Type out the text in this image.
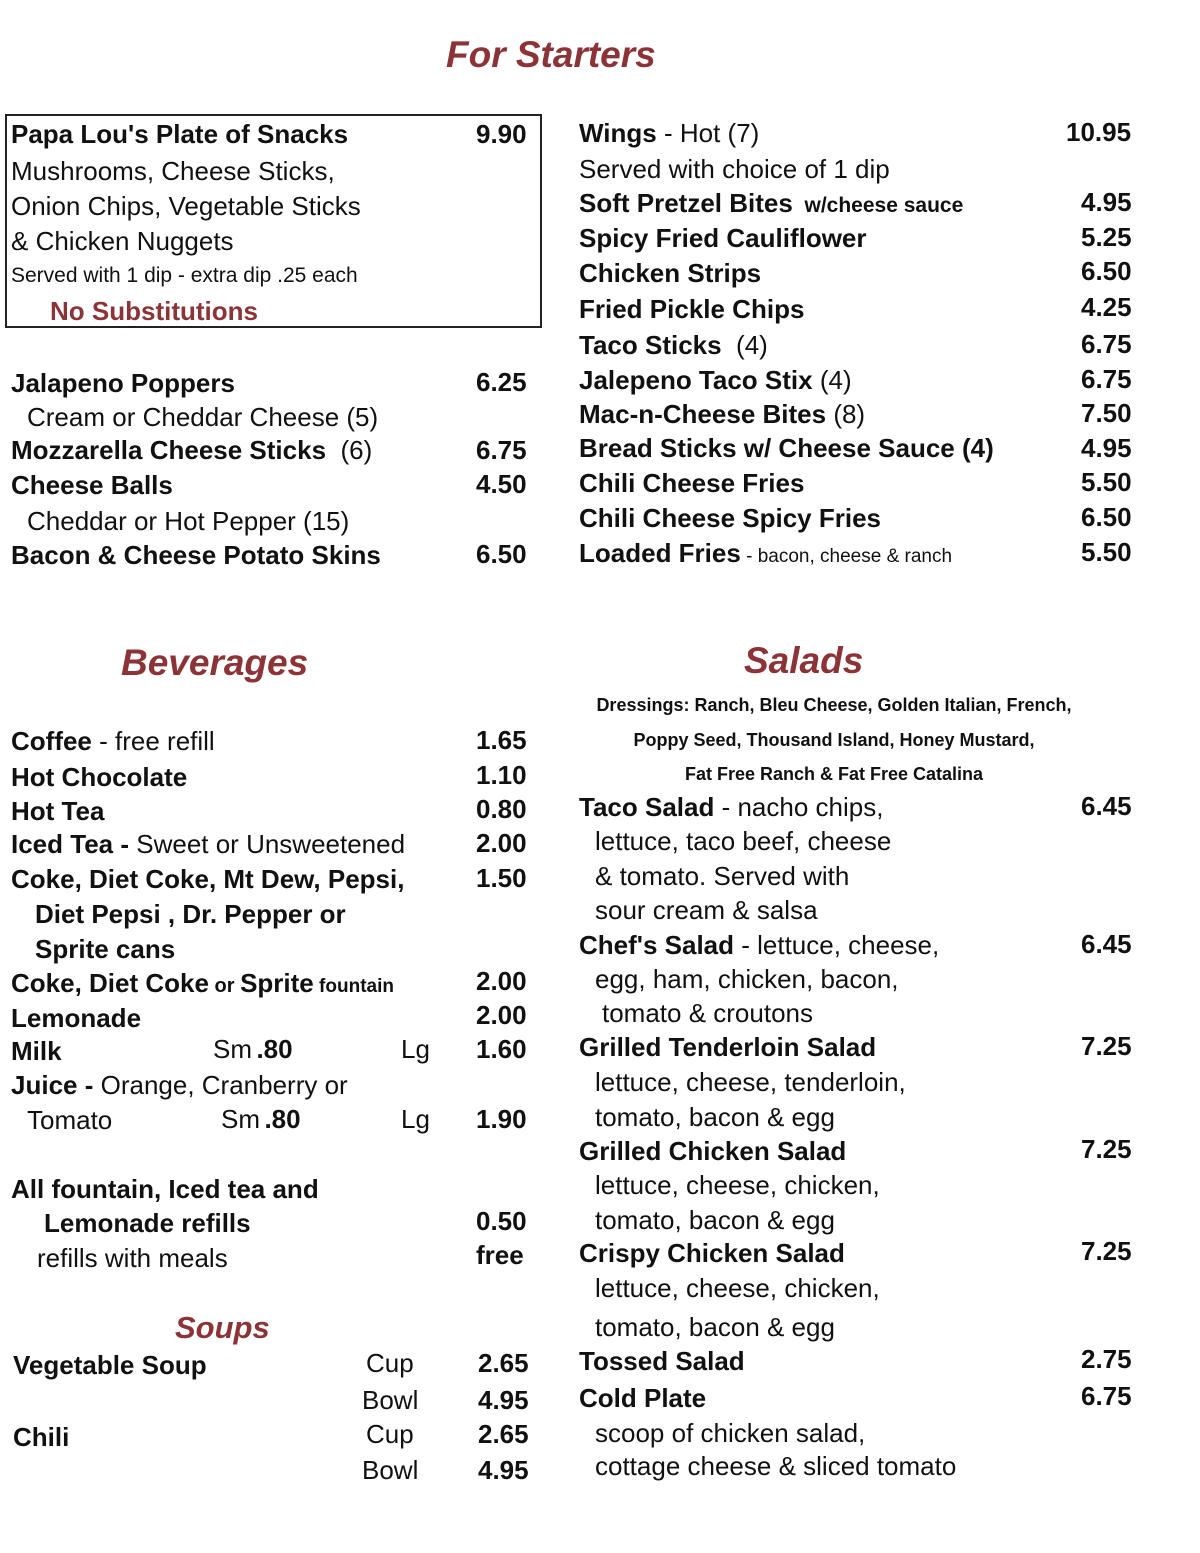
For Starters
Beverages	Salads
Soups
Papa Lou's Plate of Snacks	9.90
Mushrooms, Cheese Sticks,
Onion Chips, Vegetable Sticks
& Chicken Nuggets
Served with 1 dip - extra dip .25 each
No Substitutions
Jalapeno Poppers	6.25
Cream or Cheddar Cheese (5)
Mozzarella Cheese Sticks (6)	6.75
Cheese Balls	4.50
Cheddar or Hot Pepper (15)
Bacon & Cheese Potato Skins	6.50
Wings - Hot (7)	10.95
Served with choice of 1 dip
Soft Pretzel Bites w/cheese sauce	4.95
Spicy Fried Cauliflower	5.25
Chicken Strips	6.50
Fried Pickle Chips	4.25
Taco Sticks (4)	6.75
Jalepeno Taco Stix (4)	6.75
Mac-n-Cheese Bites (8)	7.50
Bread Sticks w/ Cheese Sauce (4)	4.95
Chili Cheese Fries	5.50
Chili Cheese Spicy Fries	6.50
Loaded Fries - bacon, cheese & ranch	5.50
Coffee - free refill	1.65
Hot Chocolate	1.10
Hot Tea	0.80
Iced Tea - Sweet or Unsweetened	2.00
Coke, Diet Coke, Mt Dew, Pepsi,	1.50
Diet Pepsi , Dr. Pepper or
Sprite cans
Coke, Diet Coke or Sprite fountain	2.00
Lemonade	2.00
Milk	Sm .80	Lg 1.60
Juice - Orange, Cranberry or
Tomato	Sm .80	Lg 1.90
All fountain, Iced tea and
Lemonade refills	0.50
refills with meals	free
Vegetable Soup	Cup 2.65
Bowl 4.95
Chili	Cup 2.65
Bowl 4.95
Dressings: Ranch, Bleu Cheese, Golden Italian, French,
Poppy Seed, Thousand Island, Honey Mustard,
Fat Free Ranch & Fat Free Catalina
Taco Salad - nacho chips,	6.45
lettuce, taco beef, cheese
& tomato. Served with
sour cream & salsa
Chef's Salad - lettuce, cheese,	6.45
egg, ham, chicken, bacon,
tomato & croutons
Grilled Tenderloin Salad	7.25
lettuce, cheese, tenderloin,
tomato, bacon & egg
Grilled Chicken Salad	7.25
lettuce, cheese, chicken,
tomato, bacon & egg
Crispy Chicken Salad	7.25
lettuce, cheese, chicken,
tomato, bacon & egg
Tossed Salad	2.75
Cold Plate	6.75
scoop of chicken salad,
cottage cheese & sliced tomato
